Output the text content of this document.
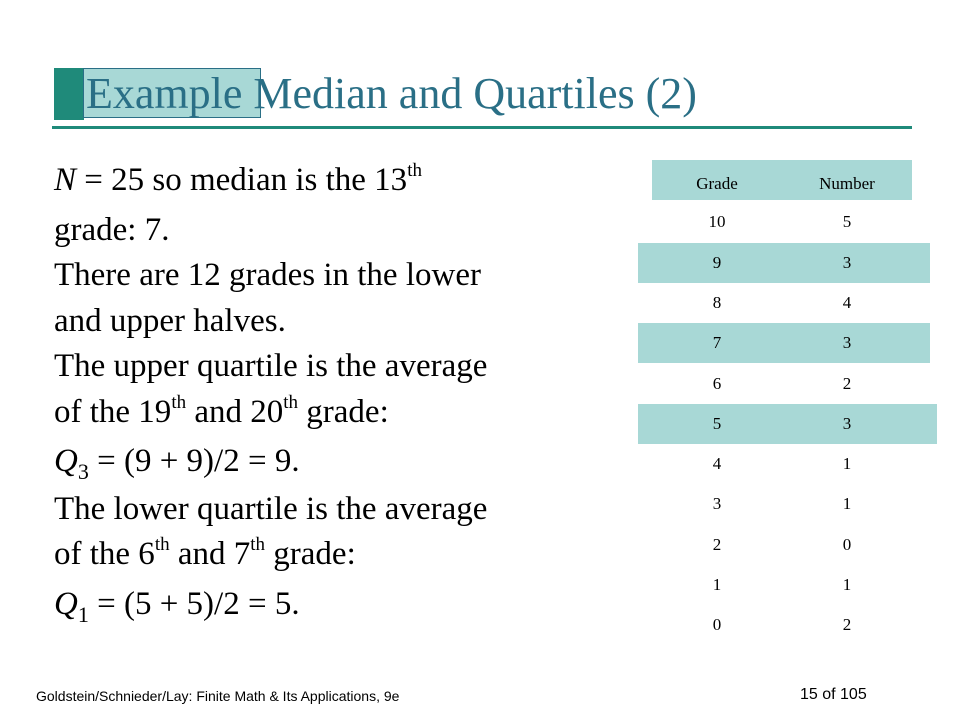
Example Median and Quartiles (2)
N = 25 so median is the 13th
grade: 7.
There are 12 grades in the lower
and upper halves.
The upper quartile is the average
of the 19th and 20th grade:
$Q_3 = (9 + 9)/2 = 9$.
The lower quartile is the average
of the 6th and 7th grade:
$Q_1 = (5 + 5)/2 = 5$.
Grade	Number
10	5
9	3
8	4
7	3
6	2
5	3
4	1
3	1
2	0
1	1
0	2
Goldstein/Schnieder/Lay: Finite Math & Its Applications, 9e	15 of 105
